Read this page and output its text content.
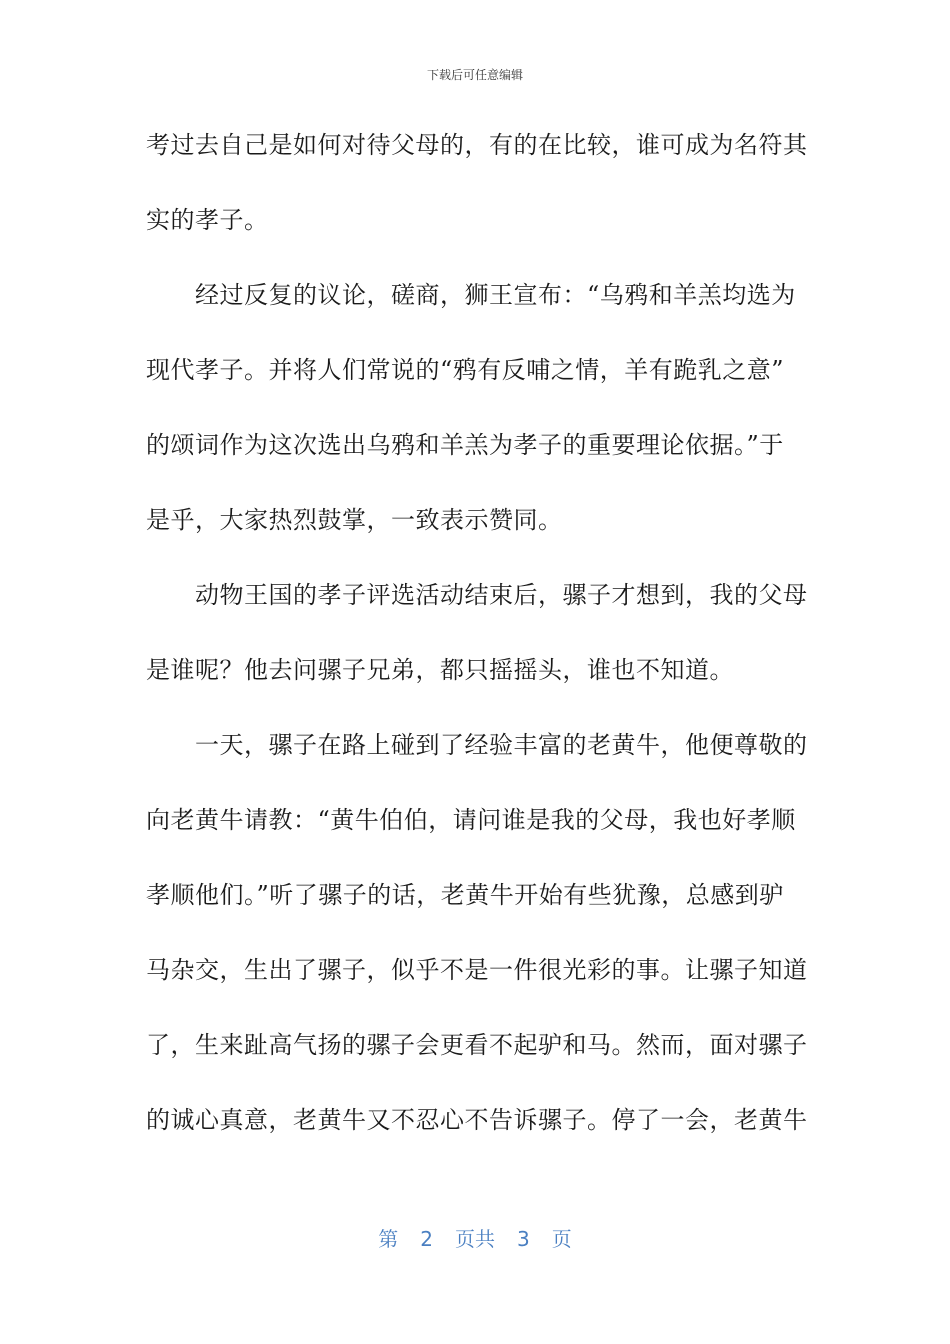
下载后可任意编辑
考过去自己是如何对待父母的，有的在比较，谁可成为名符其
实的孝子。
　　经过反复的议论，磋商，狮王宣布：“乌鸦和羊羔均选为
现代孝子。并将人们常说的“鸦有反哺之情，羊有跪乳之意”
的颂词作为这次选出乌鸦和羊羔为孝子的重要理论依据。”于
是乎，大家热烈鼓掌，一致表示赞同。
　　动物王国的孝子评选活动结束后，骡子才想到，我的父母
是谁呢？他去问骡子兄弟，都只摇摇头，谁也不知道。
　　一天，骡子在路上碰到了经验丰富的老黄牛，他便尊敬的
向老黄牛请教：“黄牛伯伯，请问谁是我的父母，我也好孝顺
孝顺他们。”听了骡子的话，老黄牛开始有些犹豫，总感到驴
马杂交，生出了骡子，似乎不是一件很光彩的事。让骡子知道
了，生来趾高气扬的骡子会更看不起驴和马。然而，面对骡子
的诚心真意，老黄牛又不忍心不告诉骡子。停了一会，老黄牛
第 2 页共 3 页
